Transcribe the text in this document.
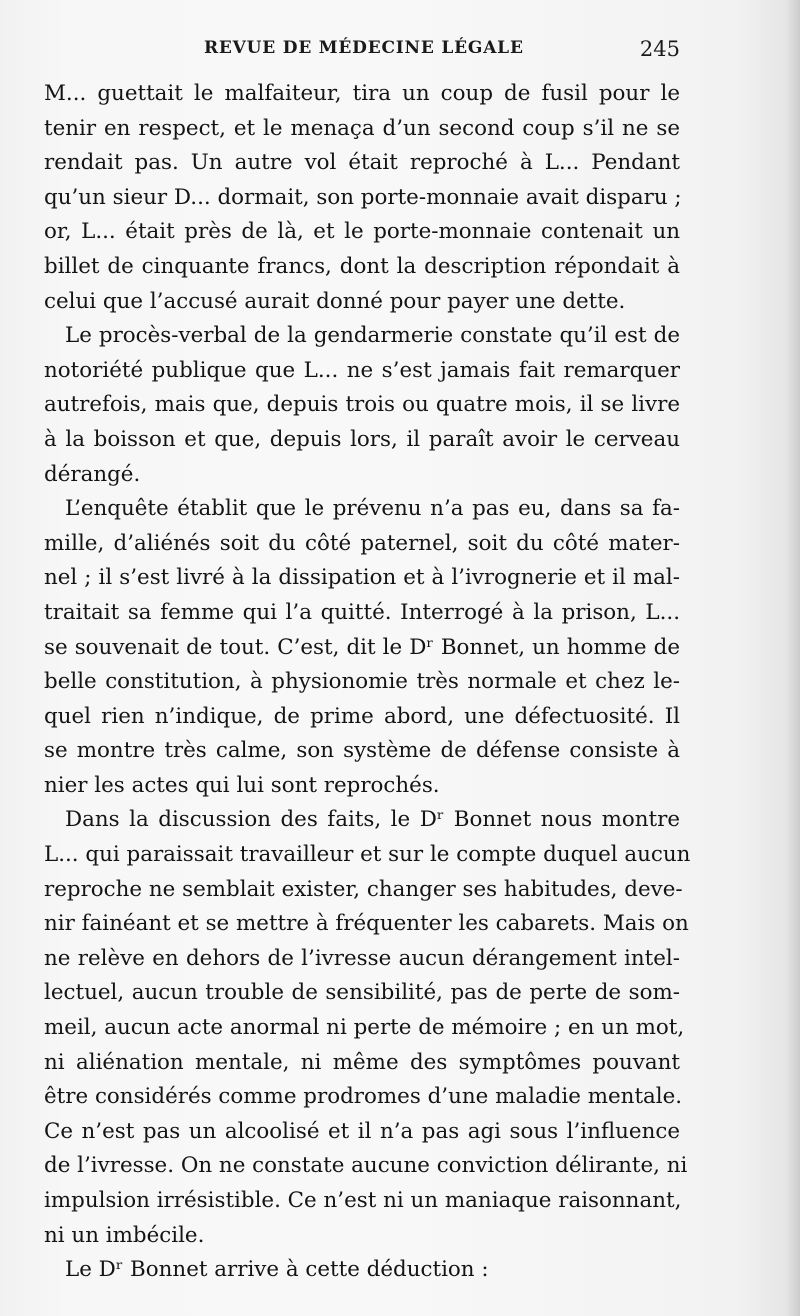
REVUE DE MÉDECINE LÉGALE	245
M... guettait le malfaiteur, tira un coup de fusil pour le
tenir en respect, et le menaça d’un second coup s’il ne se
rendait pas. Un autre vol était reproché à L... Pendant
qu’un sieur D... dormait, son porte-monnaie avait disparu ;
or, L... était près de là, et le porte-monnaie contenait un
billet de cinquante francs, dont la description répondait à
celui que l’accusé aurait donné pour payer une dette.
Le procès-verbal de la gendarmerie constate qu’il est de
notoriété publique que L... ne s’est jamais fait remarquer
autrefois, mais que, depuis trois ou quatre mois, il se livre
à la boisson et que, depuis lors, il paraît avoir le cerveau
dérangé.
L’enquête établit que le prévenu n’a pas eu, dans sa fa-
mille, d’aliénés soit du côté paternel, soit du côté mater-
nel ; il s’est livré à la dissipation et à l’ivrognerie et il mal-
traitait sa femme qui l’a quitté. Interrogé à la prison, L...
se souvenait de tout. C’est, dit le Dʳ Bonnet, un homme de
belle constitution, à physionomie très normale et chez le-
quel rien n’indique, de prime abord, une défectuosité. Il
se montre très calme, son système de défense consiste à
nier les actes qui lui sont reprochés.
Dans la discussion des faits, le Dʳ Bonnet nous montre
L... qui paraissait travailleur et sur le compte duquel aucun
reproche ne semblait exister, changer ses habitudes, deve-
nir fainéant et se mettre à fréquenter les cabarets. Mais on
ne relève en dehors de l’ivresse aucun dérangement intel-
lectuel, aucun trouble de sensibilité, pas de perte de som-
meil, aucun acte anormal ni perte de mémoire ; en un mot,
ni aliénation mentale, ni même des symptômes pouvant
être considérés comme prodromes d’une maladie mentale.
Ce n’est pas un alcoolisé et il n’a pas agi sous l’influence
de l’ivresse. On ne constate aucune conviction délirante, ni
impulsion irrésistible. Ce n’est ni un maniaque raisonnant,
ni un imbécile.
Le Dʳ Bonnet arrive à cette déduction :
